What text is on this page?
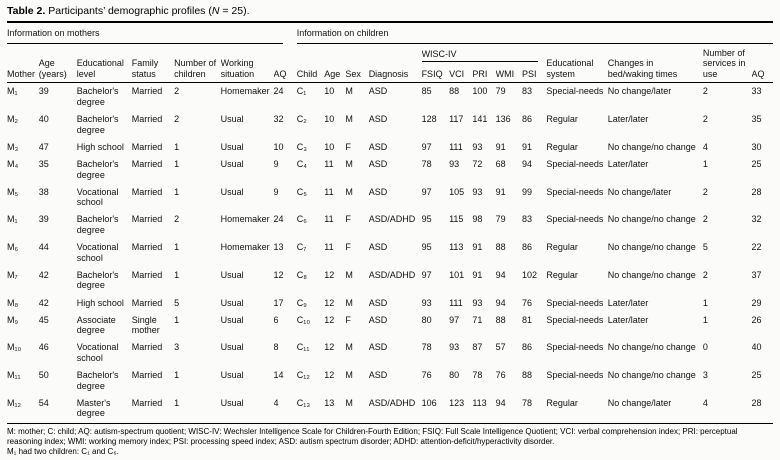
Table 2. Participants’ demographic profiles (N = 25).

Information on mothers							Information on children												

Mother	Age (years)	Educational level	Family status	Number of children	Working situation	AQ	Child	Age	Sex	Diagnosis	WISC-IV					Educational system	Changes in bed/waking times	Number of services in use	AQ
											FSIQ	VCI	PRI	WMI	PSI				
M₁	39	Bachelor's degree	Married	2	Homemaker	24	C₁	10	M	ASD	85	88	100	79	83	Special-needs	No change/later	2	33
M₂	40	Bachelor's degree	Married	2	Usual	32	C₂	10	M	ASD	128	117	141	136	86	Regular	Later/later	2	35
M₃	47	High school	Married	1	Usual	10	C₃	10	F	ASD	97	111	93	91	91	Regular	No change/no change	4	30
M₄	35	Bachelor's degree	Married	1	Usual	9	C₄	11	M	ASD	78	93	72	68	94	Special-needs	Later/later	1	25
M₅	38	Vocational school	Married	1	Usual	9	C₅	11	M	ASD	97	105	93	91	99	Special-needs	No change/later	2	28
M₁	39	Bachelor's degree	Married	2	Homemaker	24	C₆	11	F	ASD/ADHD	95	115	98	79	83	Special-needs	No change/no change	2	32
M₆	44	Vocational school	Married	1	Homemaker	13	C₇	11	F	ASD	95	113	91	88	86	Regular	No change/no change	5	22
M₇	42	Bachelor's degree	Married	1	Usual	12	C₈	12	M	ASD/ADHD	97	101	91	94	102	Regular	No change/no change	2	37
M₈	42	High school	Married	5	Usual	17	C₉	12	M	ASD	93	111	93	94	76	Special-needs	Later/later	1	29
M₉	45	Associate degree	Single mother	1	Usual	6	C₁₀	12	F	ASD	80	97	71	88	81	Special-needs	Later/later	1	26
M₁₀	46	Vocational school	Married	3	Usual	8	C₁₁	12	M	ASD	78	93	87	57	86	Special-needs	No change/no change	0	40
M₁₁	50	Bachelor's degree	Married	1	Usual	14	C₁₂	12	M	ASD	76	80	78	76	88	Special-needs	No change/no change	3	25
M₁₂	54	Master's degree	Married	1	Usual	4	C₁₃	13	M	ASD/ADHD	106	123	113	94	78	Regular	No change/later	4	28

M: mother; C: child; AQ: autism-spectrum quotient; WISC-IV: Wechsler Intelligence Scale for Children-Fourth Edition; FSIQ: Full Scale Intelligence Quotient; VCI: verbal comprehension index; PRI: perceptual reasoning index; WMI: working memory index; PSI: processing speed index; ASD: autism spectrum disorder; ADHD: attention-deficit/hyperactivity disorder.

M₁ had two children: C₁ and C₆.
